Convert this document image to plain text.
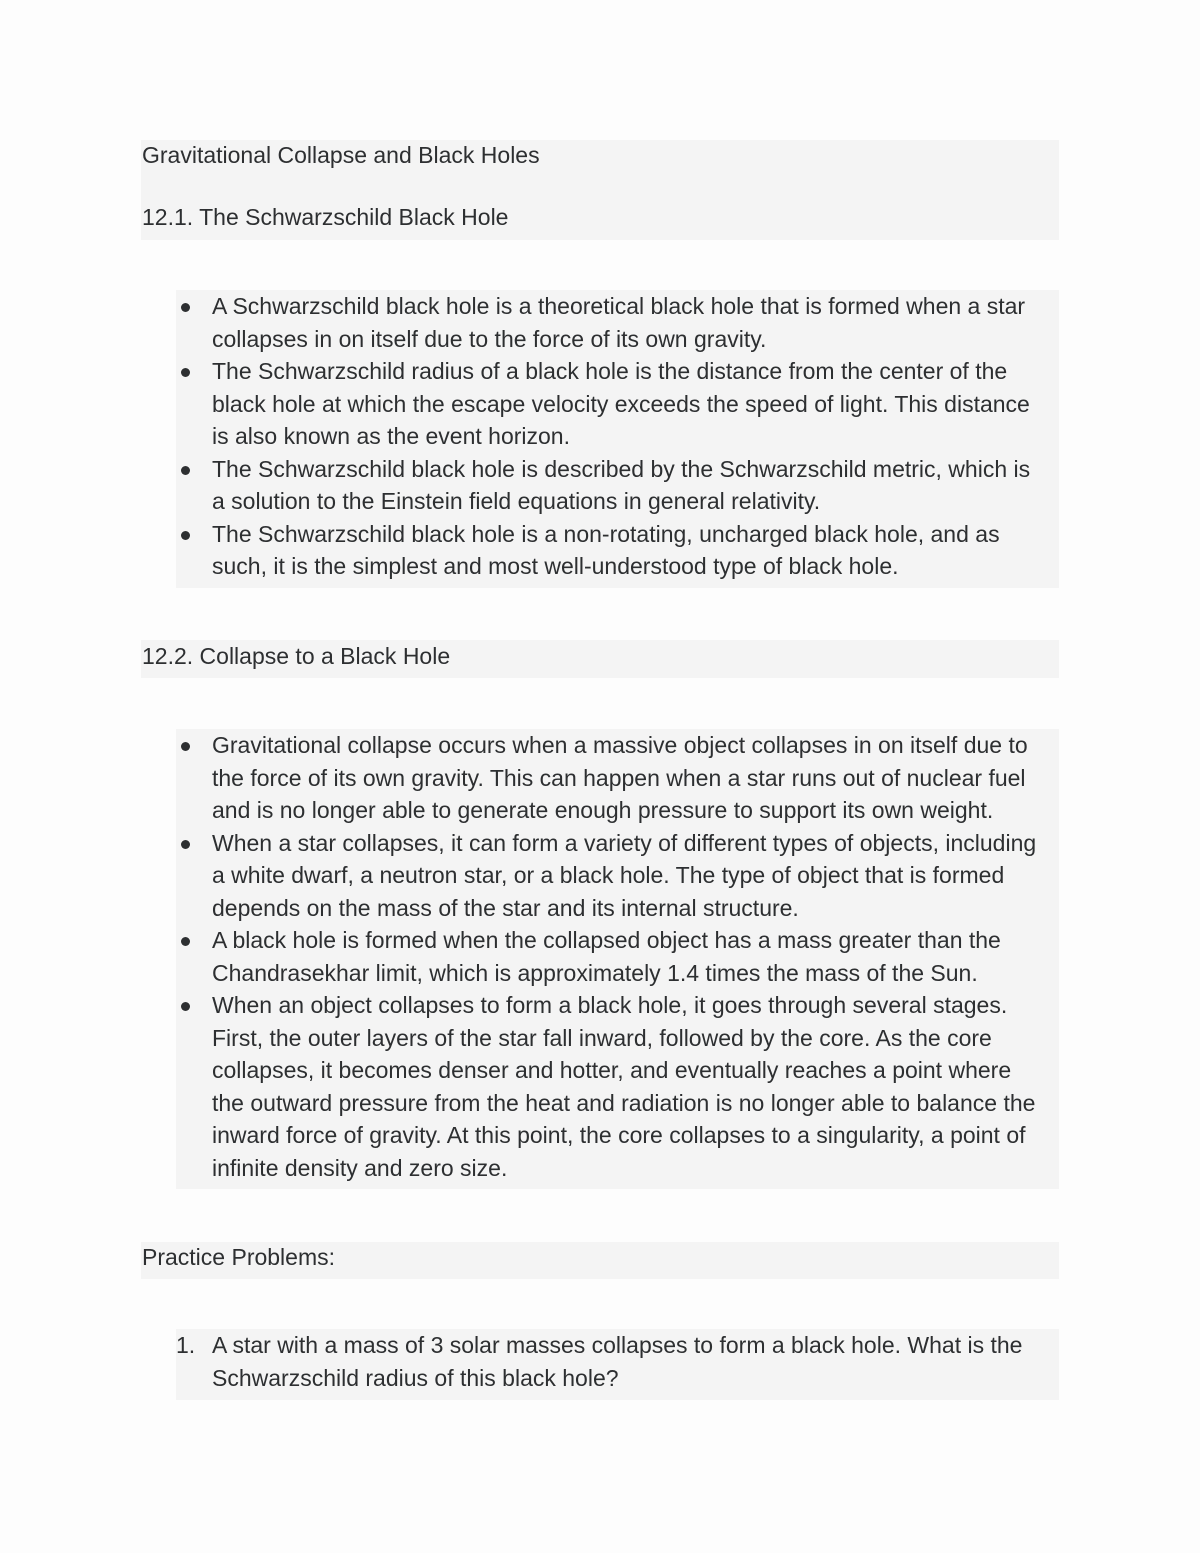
Gravitational Collapse and Black Holes
12.1. The Schwarzschild Black Hole
A Schwarzschild black hole is a theoretical black hole that is formed when a star
collapses in on itself due to the force of its own gravity.
The Schwarzschild radius of a black hole is the distance from the center of the
black hole at which the escape velocity exceeds the speed of light. This distance
is also known as the event horizon.
The Schwarzschild black hole is described by the Schwarzschild metric, which is
a solution to the Einstein field equations in general relativity.
The Schwarzschild black hole is a non-rotating, uncharged black hole, and as
such, it is the simplest and most well-understood type of black hole.
12.2. Collapse to a Black Hole
Gravitational collapse occurs when a massive object collapses in on itself due to
the force of its own gravity. This can happen when a star runs out of nuclear fuel
and is no longer able to generate enough pressure to support its own weight.
When a star collapses, it can form a variety of different types of objects, including
a white dwarf, a neutron star, or a black hole. The type of object that is formed
depends on the mass of the star and its internal structure.
A black hole is formed when the collapsed object has a mass greater than the
Chandrasekhar limit, which is approximately 1.4 times the mass of the Sun.
When an object collapses to form a black hole, it goes through several stages.
First, the outer layers of the star fall inward, followed by the core. As the core
collapses, it becomes denser and hotter, and eventually reaches a point where
the outward pressure from the heat and radiation is no longer able to balance the
inward force of gravity. At this point, the core collapses to a singularity, a point of
infinite density and zero size.
Practice Problems:
1. A star with a mass of 3 solar masses collapses to form a black hole. What is the
Schwarzschild radius of this black hole?
